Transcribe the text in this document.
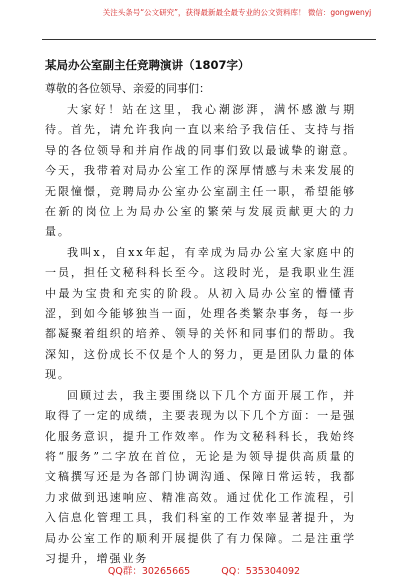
关注头条号“公文研究”，获得最新最全最专业的公文资料库！ 微信：gongwenyj
某局办公室副主任竞聘演讲（1807字）
尊敬的各位领导、亲爱的同事们：

大家好！站在这里，我心潮澎湃，满怀感激与期待。首先，请允许我向一直以来给予我信任、支持与指导的各位领导和并肩作战的同事们致以最诚挚的谢意。今天，我带着对局办公室工作的深厚情感与未来发展的无限憧憬，竞聘局办公室办公室副主任一职，希望能够在新的岗位上为局办公室的繁荣与发展贡献更大的力量。

我叫x，自xx年起，有幸成为局办公室大家庭中的一员，担任文秘科科长至今。这段时光，是我职业生涯中最为宝贵和充实的阶段。从初入局办公室的懵懂青涩，到如今能够独当一面，处理各类繁杂事务，每一步都凝聚着组织的培养、领导的关怀和同事们的帮助。我深知，这份成长不仅是个人的努力，更是团队力量的体现。

回顾过去，我主要围绕以下几个方面开展工作，并取得了一定的成绩，主要表现为以下几个方面：一是强化服务意识，提升工作效率。作为文秘科科长，我始终将“服务”二字放在首位，无论是为领导提供高质量的文稿撰写还是为各部门协调沟通、保障日常运转，我都力求做到迅速响应、精准高效。通过优化工作流程，引入信息化管理工具，我们科室的工作效率显著提升，为局办公室工作的顺利开展提供了有力保障。二是注重学习提升，增强业务

QQ群：30265665	QQ：535304092
